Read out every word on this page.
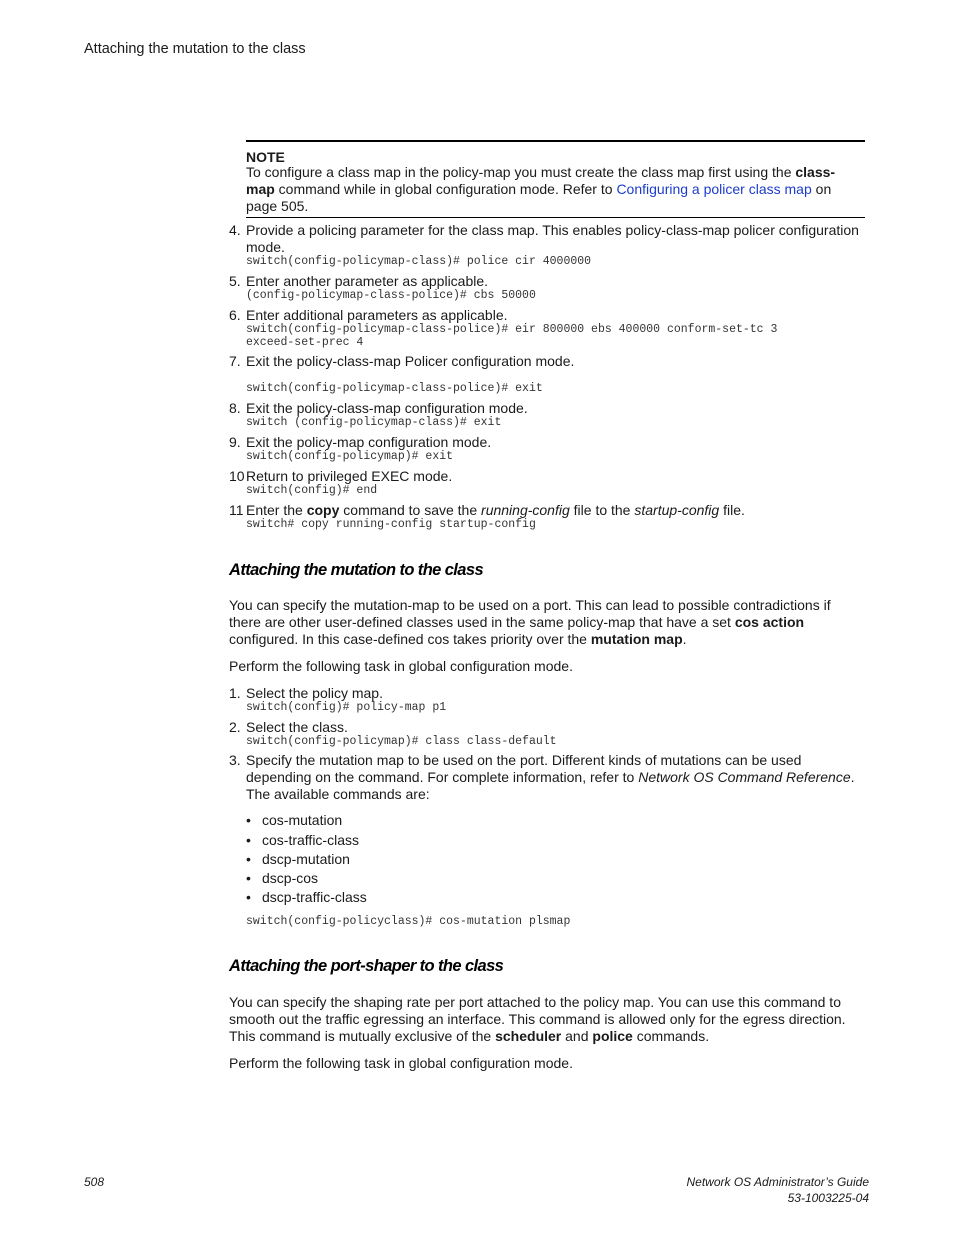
Attaching the mutation to the class
NOTE
To configure a class map in the policy-map you must create the class map first using the class-
map command while in global configuration mode. Refer to Configuring a policer class map on
page 505.
4. Provide a policing parameter for the class map. This enables policy-class-map policer configuration
mode.
switch(config-policymap-class)# police cir 4000000
5. Enter another parameter as applicable.
(config-policymap-class-police)# cbs 50000
6. Enter additional parameters as applicable.
switch(config-policymap-class-police)# eir 800000 ebs 400000 conform-set-tc 3
exceed-set-prec 4
7. Exit the policy-class-map Policer configuration mode.
switch(config-policymap-class-police)# exit
8. Exit the policy-class-map configuration mode.
switch (config-policymap-class)# exit
9. Exit the policy-map configuration mode.
switch(config-policymap)# exit
10 Return to privileged EXEC mode.
switch(config)# end
11 Enter the copy command to save the running-config file to the startup-config file.
switch# copy running-config startup-config
Attaching the mutation to the class
You can specify the mutation-map to be used on a port. This can lead to possible contradictions if
there are other user-defined classes used in the same policy-map that have a set cos action
configured. In this case-defined cos takes priority over the mutation map.
Perform the following task in global configuration mode.
1. Select the policy map.
switch(config)# policy-map p1
2. Select the class.
switch(config-policymap)# class class-default
3. Specify the mutation map to be used on the port. Different kinds of mutations can be used
depending on the command. For complete information, refer to Network OS Command Reference.
The available commands are:
• cos-mutation
• cos-traffic-class
• dscp-mutation
• dscp-cos
• dscp-traffic-class
switch(config-policyclass)# cos-mutation plsmap
Attaching the port-shaper to the class
You can specify the shaping rate per port attached to the policy map. You can use this command to
smooth out the traffic egressing an interface. This command is allowed only for the egress direction.
This command is mutually exclusive of the scheduler and police commands.
Perform the following task in global configuration mode.
508	Network OS Administrator’s Guide
53-1003225-04
